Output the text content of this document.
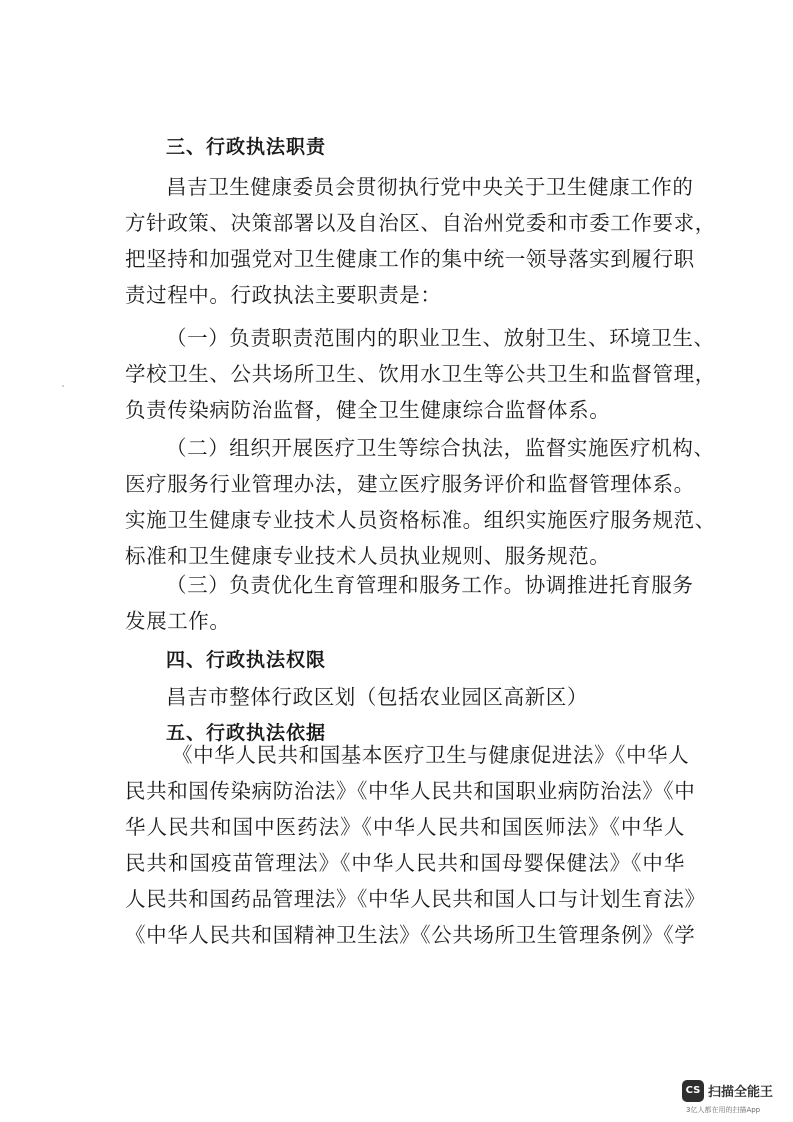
三、行政执法职责
昌吉卫生健康委员会贯彻执行党中央关于卫生健康工作的
方针政策、决策部署以及自治区、自治州党委和市委工作要求，
把坚持和加强党对卫生健康工作的集中统一领导落实到履行职
责过程中。行政执法主要职责是：
（一）负责职责范围内的职业卫生、放射卫生、环境卫生、
学校卫生、公共场所卫生、饮用水卫生等公共卫生和监督管理，
负责传染病防治监督，健全卫生健康综合监督体系。
（二）组织开展医疗卫生等综合执法，监督实施医疗机构、
医疗服务行业管理办法，建立医疗服务评价和监督管理体系。
实施卫生健康专业技术人员资格标准。组织实施医疗服务规范、
标准和卫生健康专业技术人员执业规则、服务规范。
（三）负责优化生育管理和服务工作。协调推进托育服务
发展工作。
四、行政执法权限
昌吉市整体行政区划（包括农业园区高新区）
五、行政执法依据
《中华人民共和国基本医疗卫生与健康促进法》《中华人
民共和国传染病防治法》《中华人民共和国职业病防治法》《中
华人民共和国中医药法》《中华人民共和国医师法》《中华人
民共和国疫苗管理法》《中华人民共和国母婴保健法》《中华
人民共和国药品管理法》《中华人民共和国人口与计划生育法》
《中华人民共和国精神卫生法》《公共场所卫生管理条例》《学
CS 扫描全能王
3亿人都在用的扫描App
